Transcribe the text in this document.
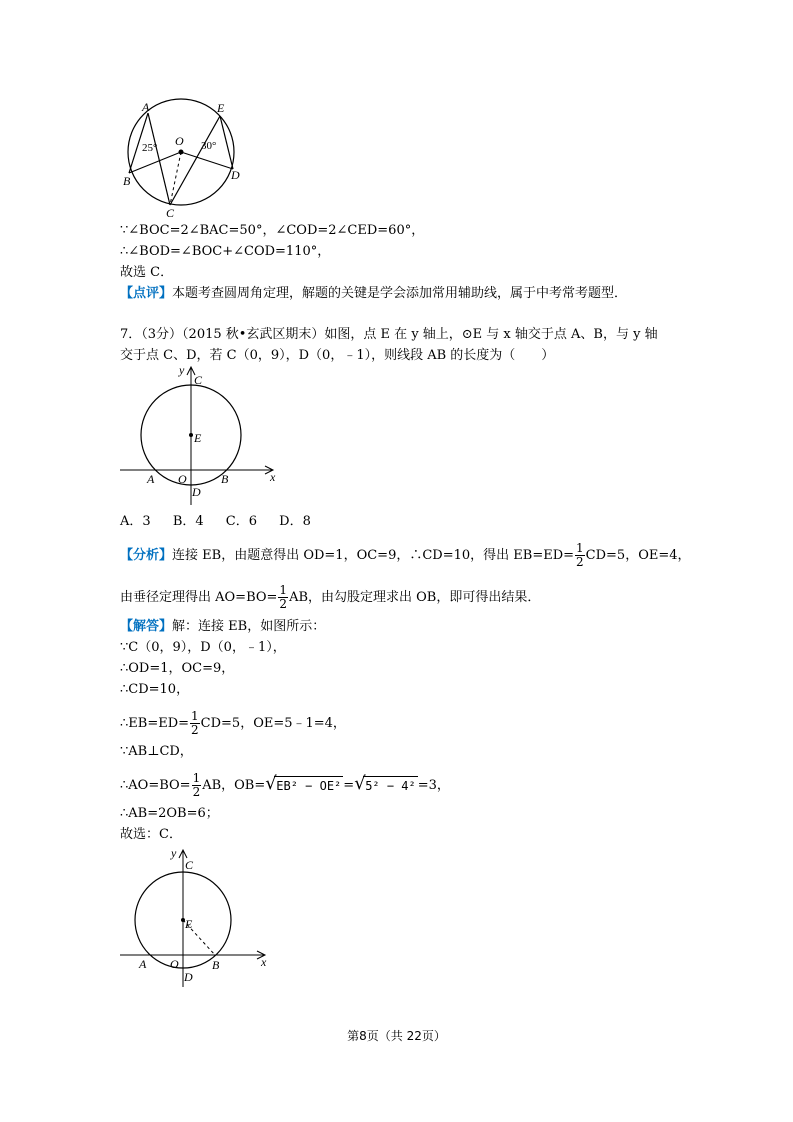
A	E
O
B
C
D
25°	30°
∵∠BOC=2∠BAC=50°，∠COD=2∠CED=60°，
∴∠BOD=∠BOC+∠COD=110°，
故选 C．
【点评】本题考查圆周角定理，解题的关键是学会添加常用辅助线，属于中考常考题型．
7．（3分）（2015 秋•玄武区期末）如图，点 E 在 y 轴上，⊙E 与 x 轴交于点 A、B，与 y 轴
交于点 C、D，若 C（0，9），D（0，﹣1），则线段 AB 的长度为（　　）
y
C
E
A O	B	x
D
A．3 B．4 C．6 D．8
【分析】连接 EB，由题意得出 OD=1，OC=9，∴CD=10，得出 $EB=ED= \frac{1}{2} CD=5$，OE=4，
由垂径定理得出 $AO=BO= \frac{1}{2}$ AB，由勾股定理求出 OB，即可得出结果．
【解答】解：连接 EB，如图所示：
∵C（0，9），D（0，﹣1），
∴OD=1，OC=9，
∴CD=10，
∴EB=ED= $\frac{1}{2} CD=5$，OE=5﹣1=4，
∵AB⊥CD，
∴AO=BO= $\frac{1}{2}$ AB，OB= √ EB² − OE² = √ 5² − 4² =3，
∴AB=2OB=6；
故选：C．
y
C
E
A O	B	x
D
第8页（共 22页）
